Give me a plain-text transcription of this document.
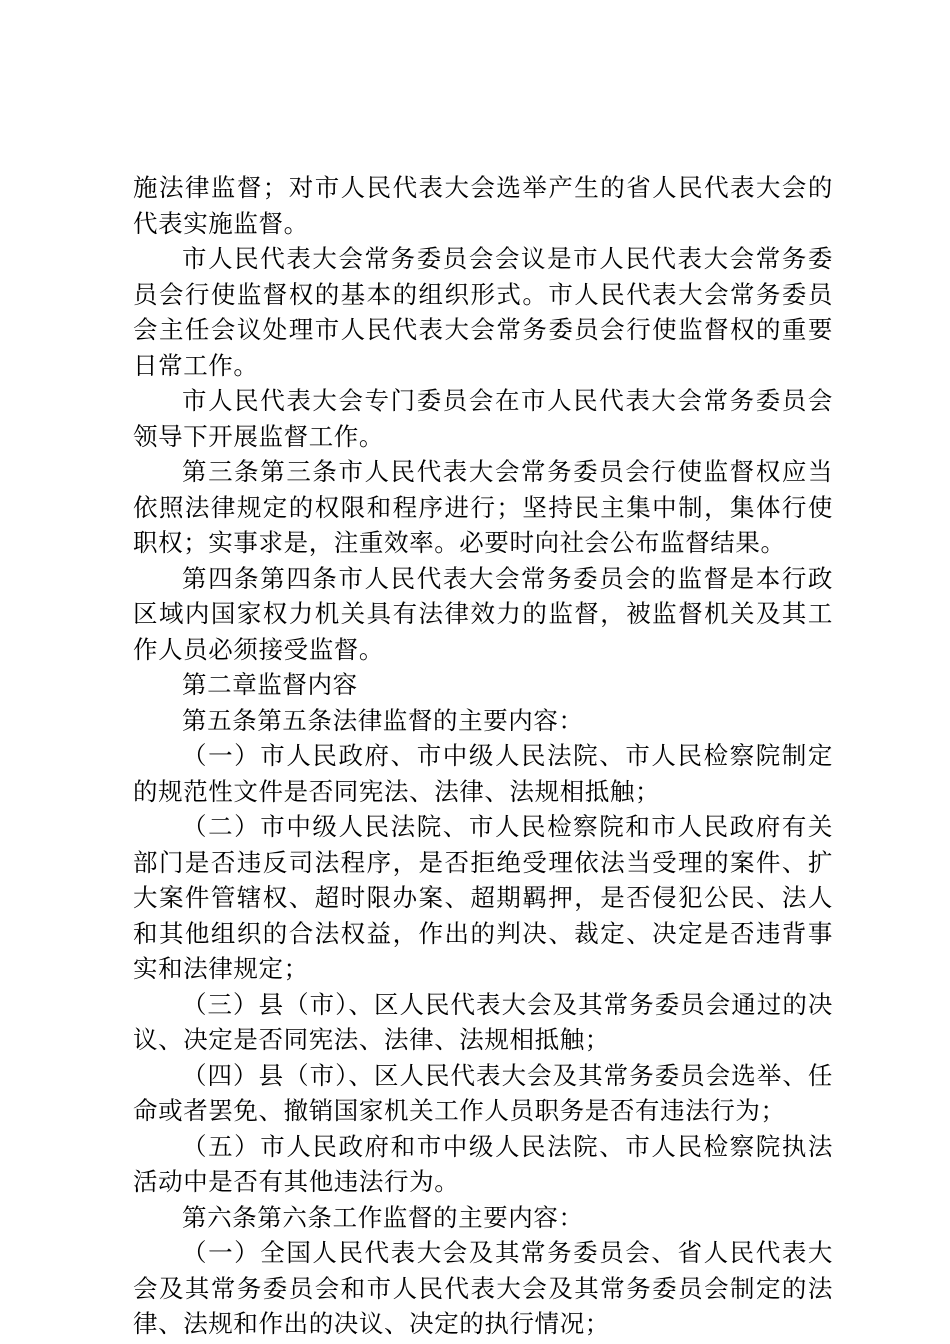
施法律监督；对市人民代表大会选举产生的省人民代表大会的代表实施监督。

市人民代表大会常务委员会会议是市人民代表大会常务委员会行使监督权的基本的组织形式。市人民代表大会常务委员会主任会议处理市人民代表大会常务委员会行使监督权的重要日常工作。

市人民代表大会专门委员会在市人民代表大会常务委员会领导下开展监督工作。

第三条第三条市人民代表大会常务委员会行使监督权应当依照法律规定的权限和程序进行；坚持民主集中制，集体行使职权；实事求是，注重效率。必要时向社会公布监督结果。

第四条第四条市人民代表大会常务委员会的监督是本行政区域内国家权力机关具有法律效力的监督，被监督机关及其工作人员必须接受监督。

第二章监督内容

第五条第五条法律监督的主要内容：

（一）市人民政府、市中级人民法院、市人民检察院制定的规范性文件是否同宪法、法律、法规相抵触；

（二）市中级人民法院、市人民检察院和市人民政府有关部门是否违反司法程序，是否拒绝受理依法当受理的案件、扩大案件管辖权、超时限办案、超期羁押，是否侵犯公民、法人和其他组织的合法权益，作出的判决、裁定、决定是否违背事实和法律规定；

（三）县（市）、区人民代表大会及其常务委员会通过的决议、决定是否同宪法、法律、法规相抵触；

（四）县（市）、区人民代表大会及其常务委员会选举、任命或者罢免、撤销国家机关工作人员职务是否有违法行为；

（五）市人民政府和市中级人民法院、市人民检察院执法活动中是否有其他违法行为。

第六条第六条工作监督的主要内容：

（一）全国人民代表大会及其常务委员会、省人民代表大会及其常务委员会和市人民代表大会及其常务委员会制定的法律、法规和作出的决议、决定的执行情况；
